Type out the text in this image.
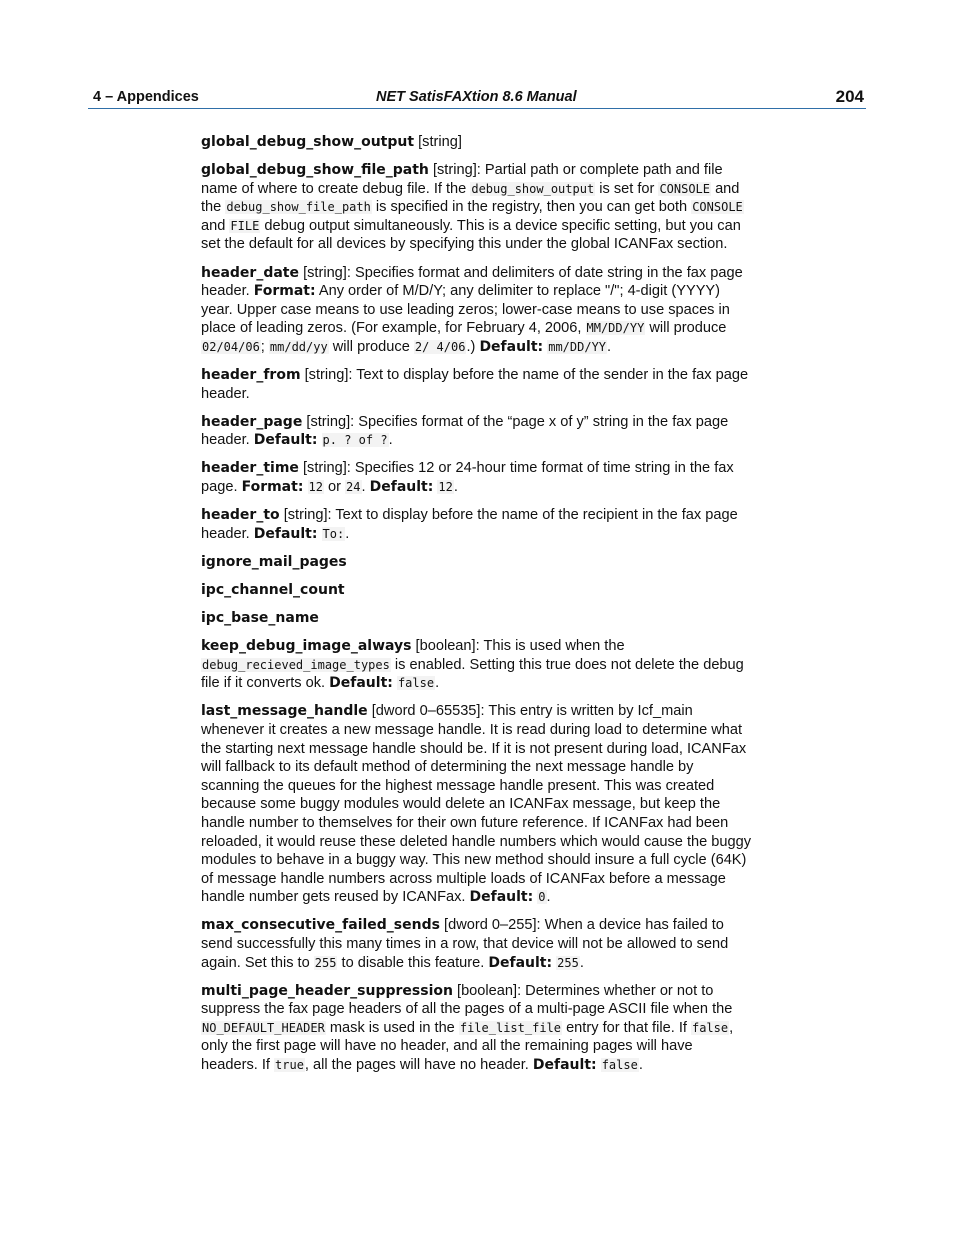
4 – Appendices	NET SatisFAXtion 8.6 Manual	204
global_debug_show_output [string]
global_debug_show_file_path [string]: Partial path or complete path and file name of where to create debug file. If the debug_show_output is set for CONSOLE and the debug_show_file_path is specified in the registry, then you can get both CONSOLE and FILE debug output simultaneously. This is a device specific setting, but you can set the default for all devices by specifying this under the global ICANFax section.
header_date [string]: Specifies format and delimiters of date string in the fax page header. Format: Any order of M/D/Y; any delimiter to replace "/"; 4-digit (YYYY) year. Upper case means to use leading zeros; lower-case means to use spaces in place of leading zeros. (For example, for February 4, 2006, MM/DD/YY will produce 02/04/06; mm/dd/yy will produce 2/ 4/06.) Default: mm/DD/YY.
header_from [string]: Text to display before the name of the sender in the fax page header.
header_page [string]: Specifies format of the “page x of y” string in the fax page header. Default: p. ? of ?.
header_time [string]: Specifies 12 or 24-hour time format of time string in the fax page. Format: 12 or 24. Default: 12.
header_to [string]: Text to display before the name of the recipient in the fax page header. Default: To:.
ignore_mail_pages
ipc_channel_count
ipc_base_name
keep_debug_image_always [boolean]: This is used when the debug_recieved_image_types is enabled. Setting this true does not delete the debug file if it converts ok. Default: false.
last_message_handle [dword 0–65535]: This entry is written by Icf_main whenever it creates a new message handle. It is read during load to determine what the starting next message handle should be. If it is not present during load, ICANFax will fallback to its default method of determining the next message handle by scanning the queues for the highest message handle present. This was created because some buggy modules would delete an ICANFax message, but keep the handle number to themselves for their own future reference. If ICANFax had been reloaded, it would reuse these deleted handle numbers which would cause the buggy modules to behave in a buggy way. This new method should insure a full cycle (64K) of message handle numbers across multiple loads of ICANFax before a message handle number gets reused by ICANFax. Default: 0.
max_consecutive_failed_sends [dword 0–255]: When a device has failed to send successfully this many times in a row, that device will not be allowed to send again. Set this to 255 to disable this feature. Default: 255.
multi_page_header_suppression [boolean]: Determines whether or not to suppress the fax page headers of all the pages of a multi-page ASCII file when the NO_DEFAULT_HEADER mask is used in the file_list_file entry for that file. If false, only the first page will have no header, and all the remaining pages will have headers. If true, all the pages will have no header. Default: false.
